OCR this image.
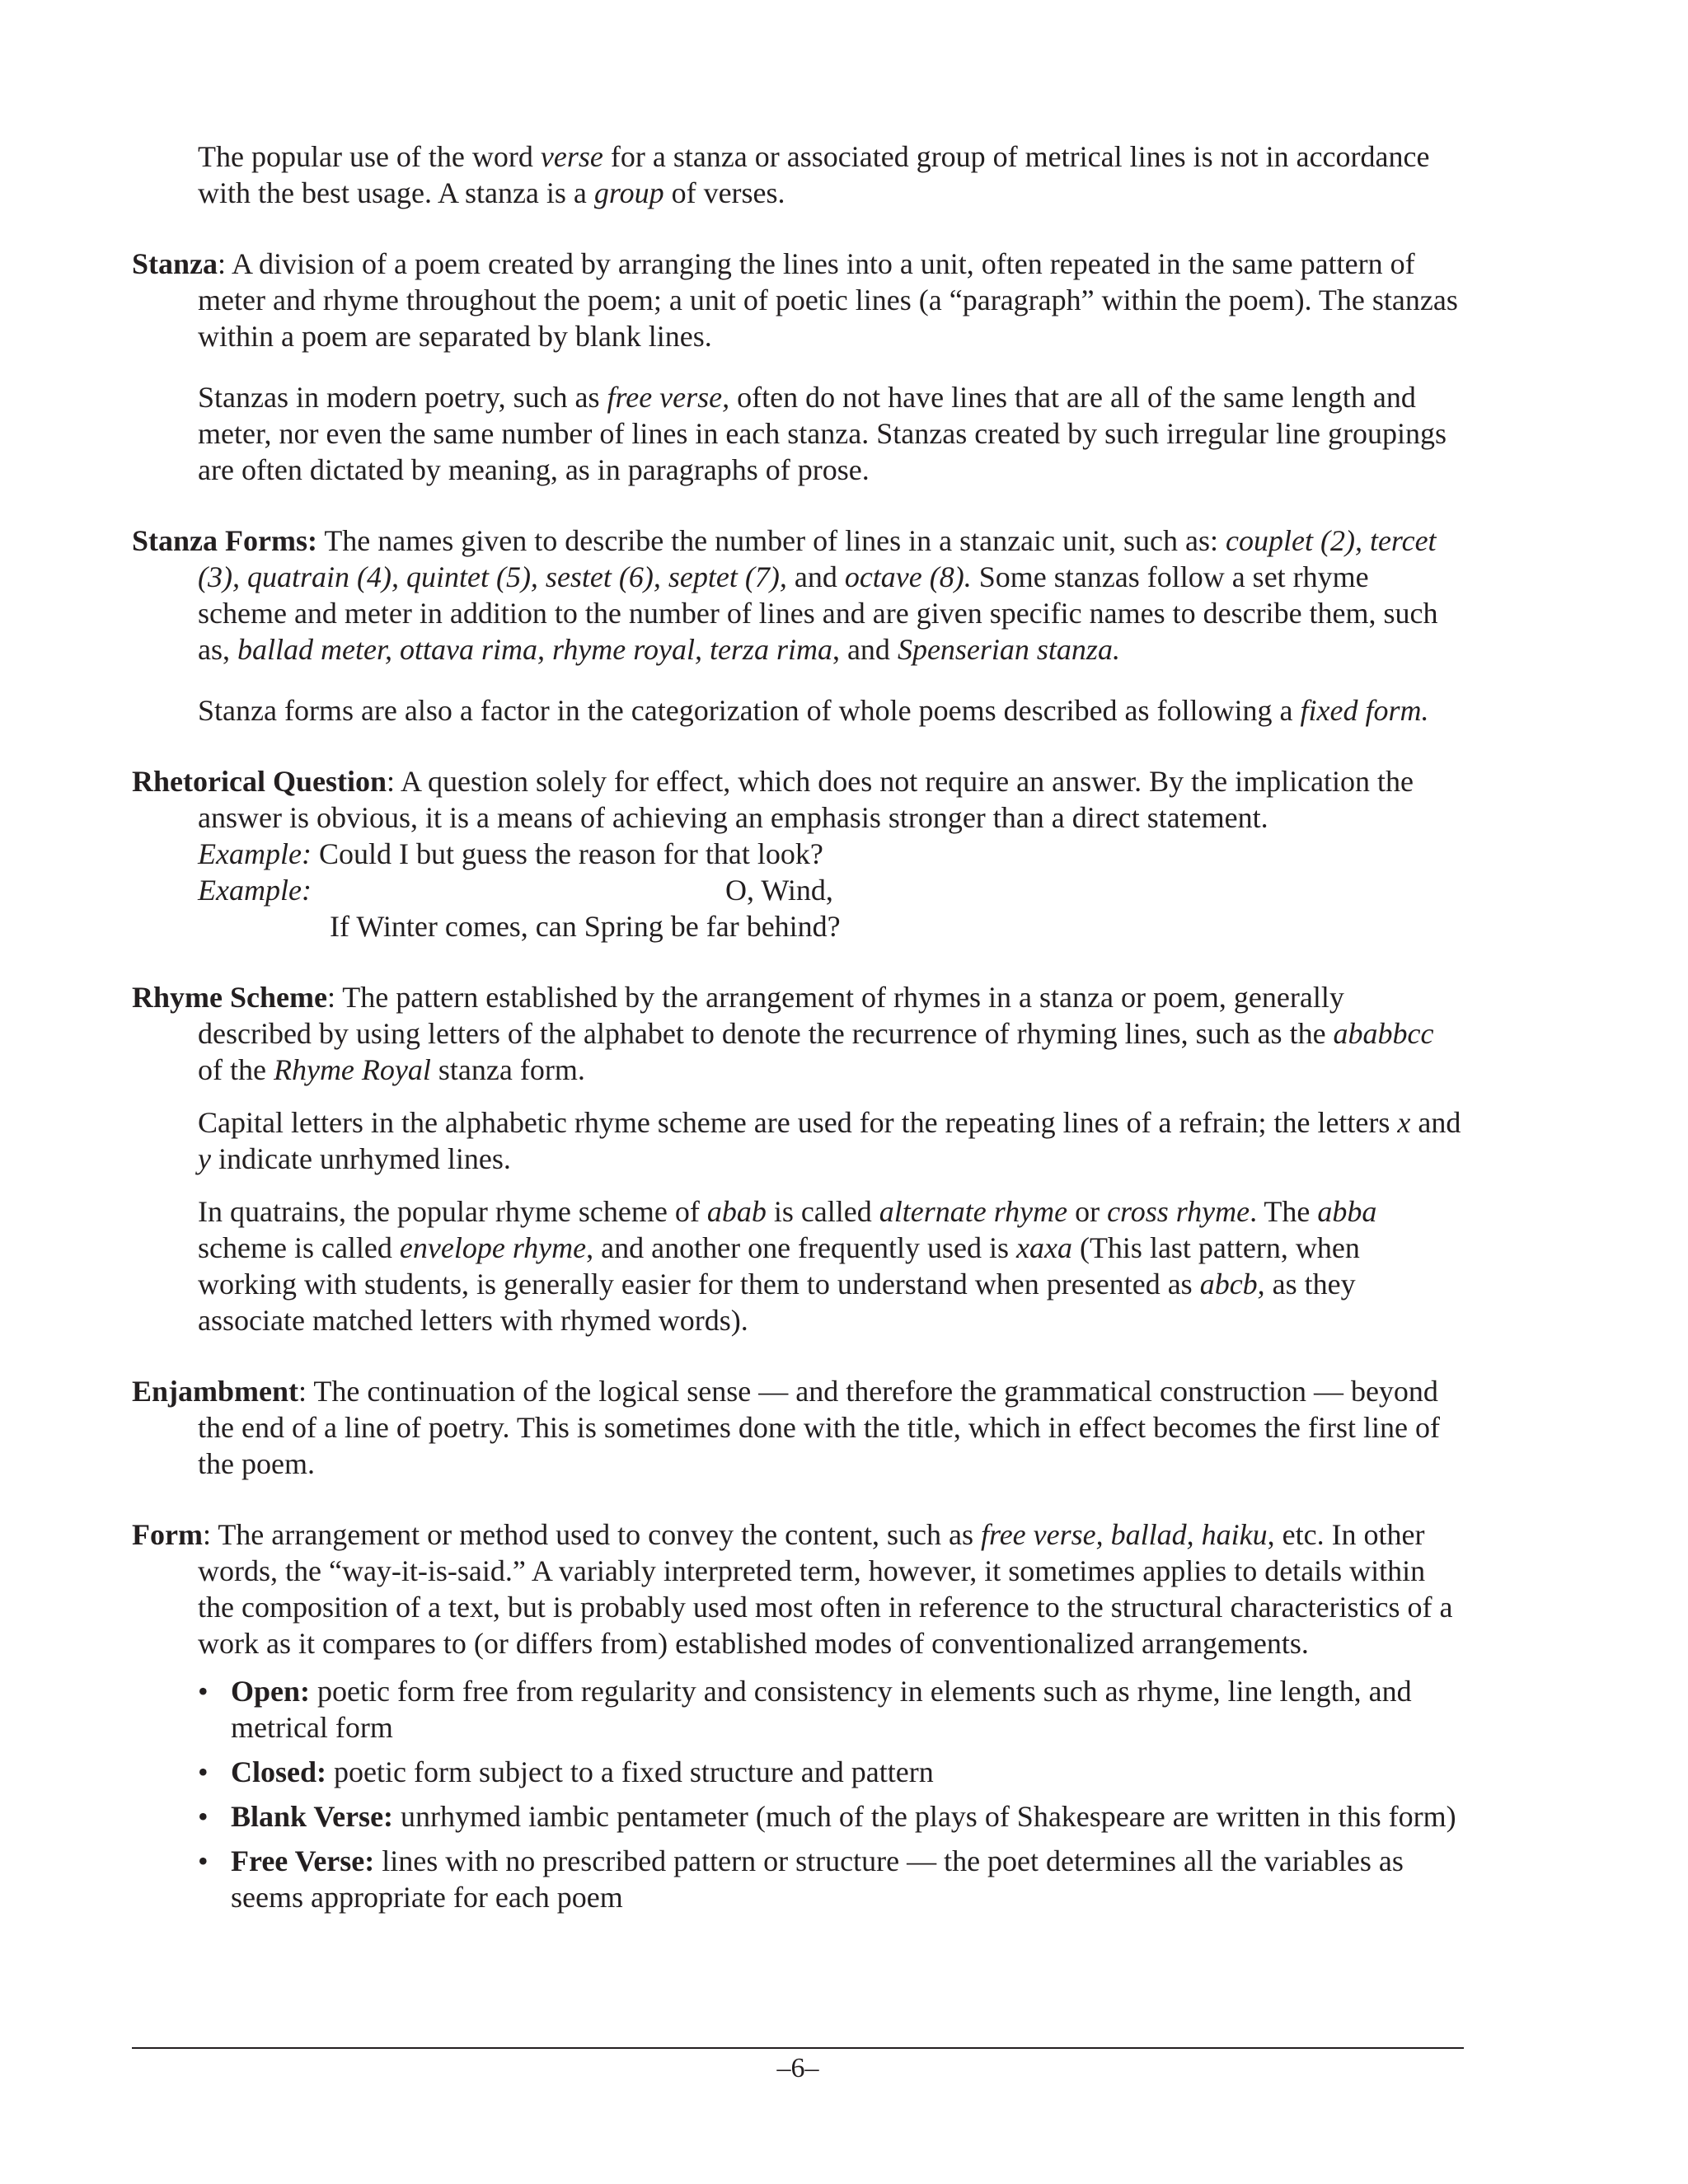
The popular use of the word verse for a stanza or associated group of metrical lines is not in accordance with the best usage. A stanza is a group of verses.

Stanza: A division of a poem created by arranging the lines into a unit, often repeated in the same pattern of meter and rhyme throughout the poem; a unit of poetic lines (a “paragraph” within the poem). The stanzas within a poem are separated by blank lines.

Stanzas in modern poetry, such as free verse, often do not have lines that are all of the same length and meter, nor even the same number of lines in each stanza. Stanzas created by such irregular line groupings are often dictated by meaning, as in paragraphs of prose.

Stanza Forms: The names given to describe the number of lines in a stanzaic unit, such as: couplet (2), tercet (3), quatrain (4), quintet (5), sestet (6), septet (7), and octave (8). Some stanzas follow a set rhyme scheme and meter in addition to the number of lines and are given specific names to describe them, such as, ballad meter, ottava rima, rhyme royal, terza rima, and Spenserian stanza.

Stanza forms are also a factor in the categorization of whole poems described as following a fixed form.

Rhetorical Question: A question solely for effect, which does not require an answer. By the implication the answer is obvious, it is a means of achieving an emphasis stronger than a direct statement.

Example: Could I but guess the reason for that look?

Example:	O, Wind,

If Winter comes, can Spring be far behind?

Rhyme Scheme: The pattern established by the arrangement of rhymes in a stanza or poem, generally described by using letters of the alphabet to denote the recurrence of rhyming lines, such as the ababbcc of the Rhyme Royal stanza form.

Capital letters in the alphabetic rhyme scheme are used for the repeating lines of a refrain; the letters x and y indicate unrhymed lines.

In quatrains, the popular rhyme scheme of abab is called alternate rhyme or cross rhyme. The abba scheme is called envelope rhyme, and another one frequently used is xaxa (This last pattern, when working with students, is generally easier for them to understand when presented as abcb, as they associate matched letters with rhymed words).

Enjambment: The continuation of the logical sense — and therefore the grammatical construction — beyond the end of a line of poetry. This is sometimes done with the title, which in effect becomes the first line of the poem.

Form: The arrangement or method used to convey the content, such as free verse, ballad, haiku, etc. In other words, the “way-it-is-said.” A variably interpreted term, however, it sometimes applies to details within the composition of a text, but is probably used most often in reference to the structural characteristics of a work as it compares to (or differs from) established modes of conventionalized arrangements.

• Open: poetic form free from regularity and consistency in elements such as rhyme, line length, and metrical form
• Closed: poetic form subject to a fixed structure and pattern
• Blank Verse: unrhymed iambic pentameter (much of the plays of Shakespeare are written in this form)
• Free Verse: lines with no prescribed pattern or structure — the poet determines all the variables as seems appropriate for each poem
–6–
